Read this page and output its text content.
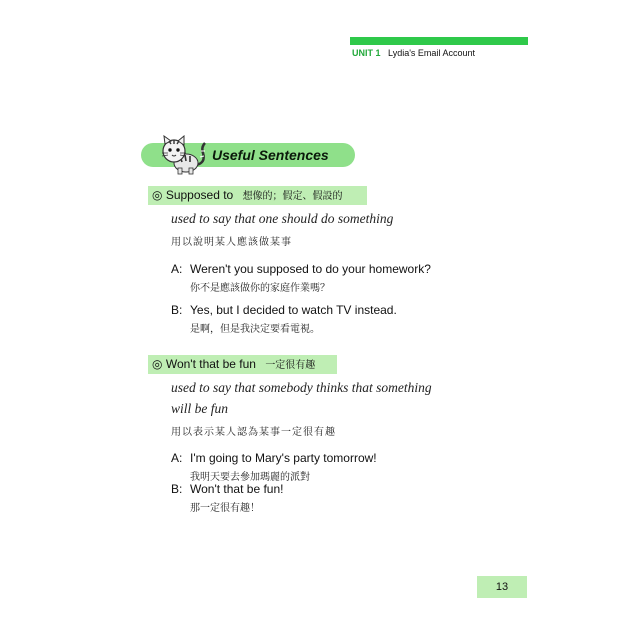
UNIT 1 Lydia's Email Account
Useful Sentences
◎ Supposed to 想像的；假定、假設的
used to say that one should do something
用以說明某人應該做某事
A: Weren't you supposed to do your homework?
你不是應該做你的家庭作業嗎？
B: Yes, but I decided to watch TV instead.
是啊，但是我決定要看電視。
◎ Won't that be fun 一定很有趣
used to say that somebody thinks that something
will be fun
用以表示某人認為某事一定很有趣
A: I'm going to Mary's party tomorrow!
我明天要去參加瑪麗的派對
B: Won't that be fun!
那一定很有趣！
13
